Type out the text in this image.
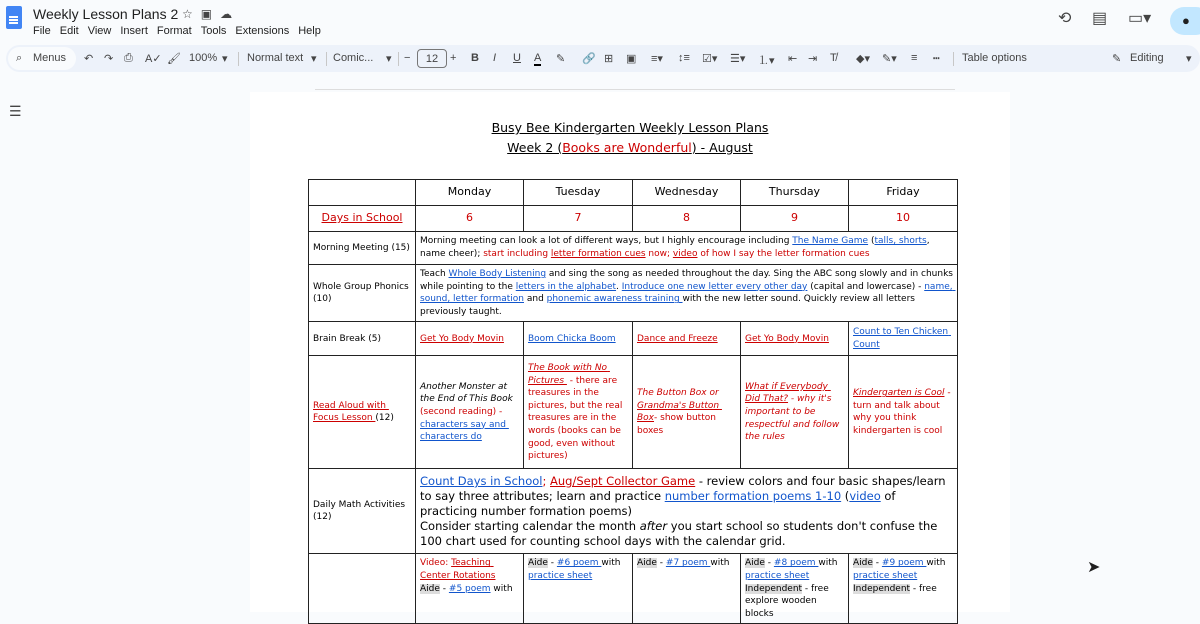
Weekly Lesson Plans 2 ☆▣☁
File Edit View Insert Format Tools Extensions Help
⟲ ▤ ▭▾	●
⌕ Menus ↶ ↷ ⎙ A✓ 🖌 100% ▾ Normal text ▾ Comic... ▾ −	12	+ B I U A ✎ 🔗 ⊞ ▣ ≡▾ ↕≡ ☑▾ ☰▾ ⒈▾ ⇤ ⇥ T̸ ◆▾ ✎▾ ≡ ┅ Table options	✎ Editing ▾
☰
Busy Bee Kindergarten Weekly Lesson Plans
Week 2 (Books are Wonderful) - August
	Monday	Tuesday	Wednesday	Thursday	Friday
Days in School	6	7	8	9	10
Morning Meeting (15)	Morning meeting can look a lot of different ways, but I highly encourage including The Name Game (talls, shorts, name cheer); start including letter formation cues now; video of how I say the letter formation cues				
Whole Group Phonics (10)	Teach Whole Body Listening and sing the song as needed throughout the day. Sing the ABC song slowly and in chunks while pointing to the letters in the alphabet. Introduce one new letter every other day (capital and lowercase) - name, sound, letter formation and phonemic awareness training with the new letter sound. Quickly review all letters previously taught.				
Brain Break (5)	Get Yo Body Movin	Boom Chicka Boom	Dance and Freeze	Get Yo Body Movin	Count to Ten Chicken Count
Read Aloud with Focus Lesson (12)	Another Monster at the End of This Book (second reading) - characters say and characters do	The Book with No Pictures  - there are treasures in the pictures, but the real treasures are in the words (books can be good, even without pictures)	The Button Box or Grandma's Button Box- show button boxes	What if Everybody Did That? - why it's important to be respectful and follow the rules	Kindergarten is Cool - turn and talk about why you think kindergarten is cool
Daily Math Activities (12)	Count Days in School; Aug/Sept Collector Game - review colors and four basic shapes/learn to say three attributes; learn and practice number formation poems 1-10 (video of practicing number formation poems)
Consider starting calendar the month after you start school so students don't confuse the 100 chart used for counting school days with the calendar grid.				
	Video: Teaching Center Rotations
Aide - #5 poem with	Aide - #6 poem with practice sheet	Aide - #7 poem with	Aide - #8 poem with practice sheet
Independent - free explore wooden blocks	Aide - #9 poem with practice sheet
Independent - free
➤
